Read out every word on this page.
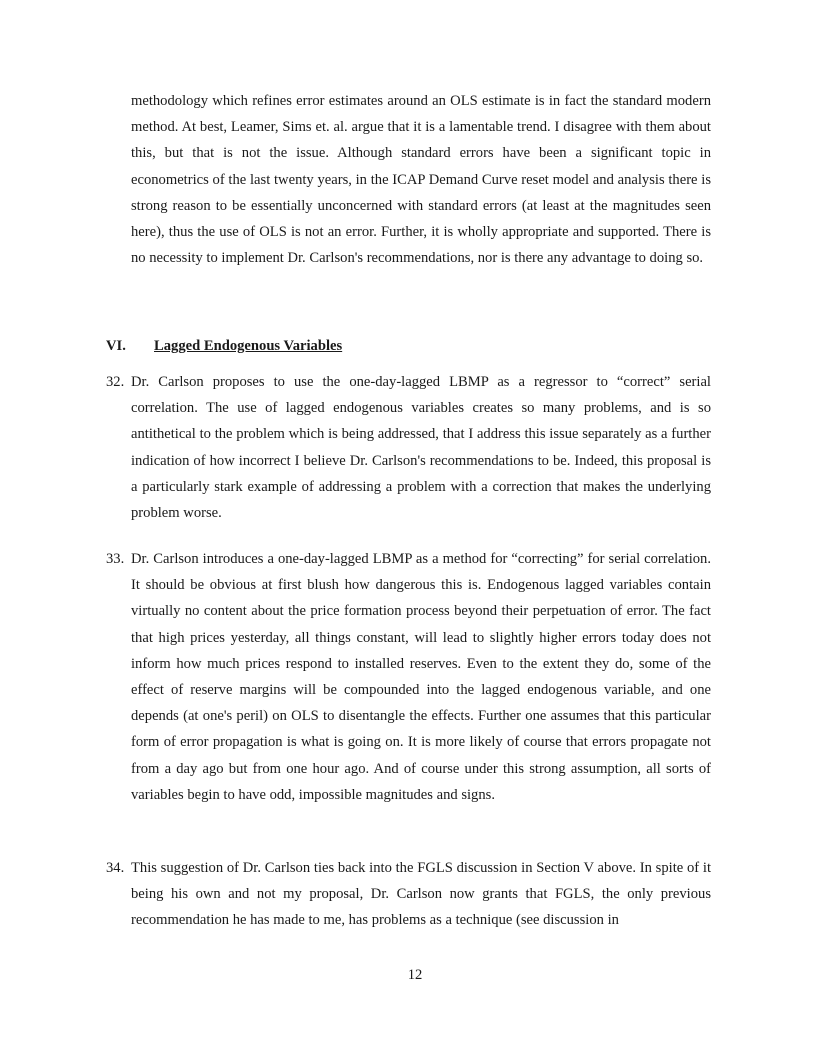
methodology which refines error estimates around an OLS estimate is in fact the standard modern method. At best, Leamer, Sims et. al. argue that it is a lamentable trend. I disagree with them about this, but that is not the issue. Although standard errors have been a significant topic in econometrics of the last twenty years, in the ICAP Demand Curve reset model and analysis there is strong reason to be essentially unconcerned with standard errors (at least at the magnitudes seen here), thus the use of OLS is not an error. Further, it is wholly appropriate and supported. There is no necessity to implement Dr. Carlson's recommendations, nor is there any advantage to doing so.

VI. Lagged Endogenous Variables

32. Dr. Carlson proposes to use the one-day-lagged LBMP as a regressor to “correct” serial correlation. The use of lagged endogenous variables creates so many problems, and is so antithetical to the problem which is being addressed, that I address this issue separately as a further indication of how incorrect I believe Dr. Carlson's recommendations to be. Indeed, this proposal is a particularly stark example of addressing a problem with a correction that makes the underlying problem worse.

33. Dr. Carlson introduces a one-day-lagged LBMP as a method for “correcting” for serial correlation. It should be obvious at first blush how dangerous this is. Endogenous lagged variables contain virtually no content about the price formation process beyond their perpetuation of error. The fact that high prices yesterday, all things constant, will lead to slightly higher errors today does not inform how much prices respond to installed reserves. Even to the extent they do, some of the effect of reserve margins will be compounded into the lagged endogenous variable, and one depends (at one's peril) on OLS to disentangle the effects. Further one assumes that this particular form of error propagation is what is going on. It is more likely of course that errors propagate not from a day ago but from one hour ago. And of course under this strong assumption, all sorts of variables begin to have odd, impossible magnitudes and signs.

34. This suggestion of Dr. Carlson ties back into the FGLS discussion in Section V above. In spite of it being his own and not my proposal, Dr. Carlson now grants that FGLS, the only previous recommendation he has made to me, has problems as a technique (see discussion in

12
